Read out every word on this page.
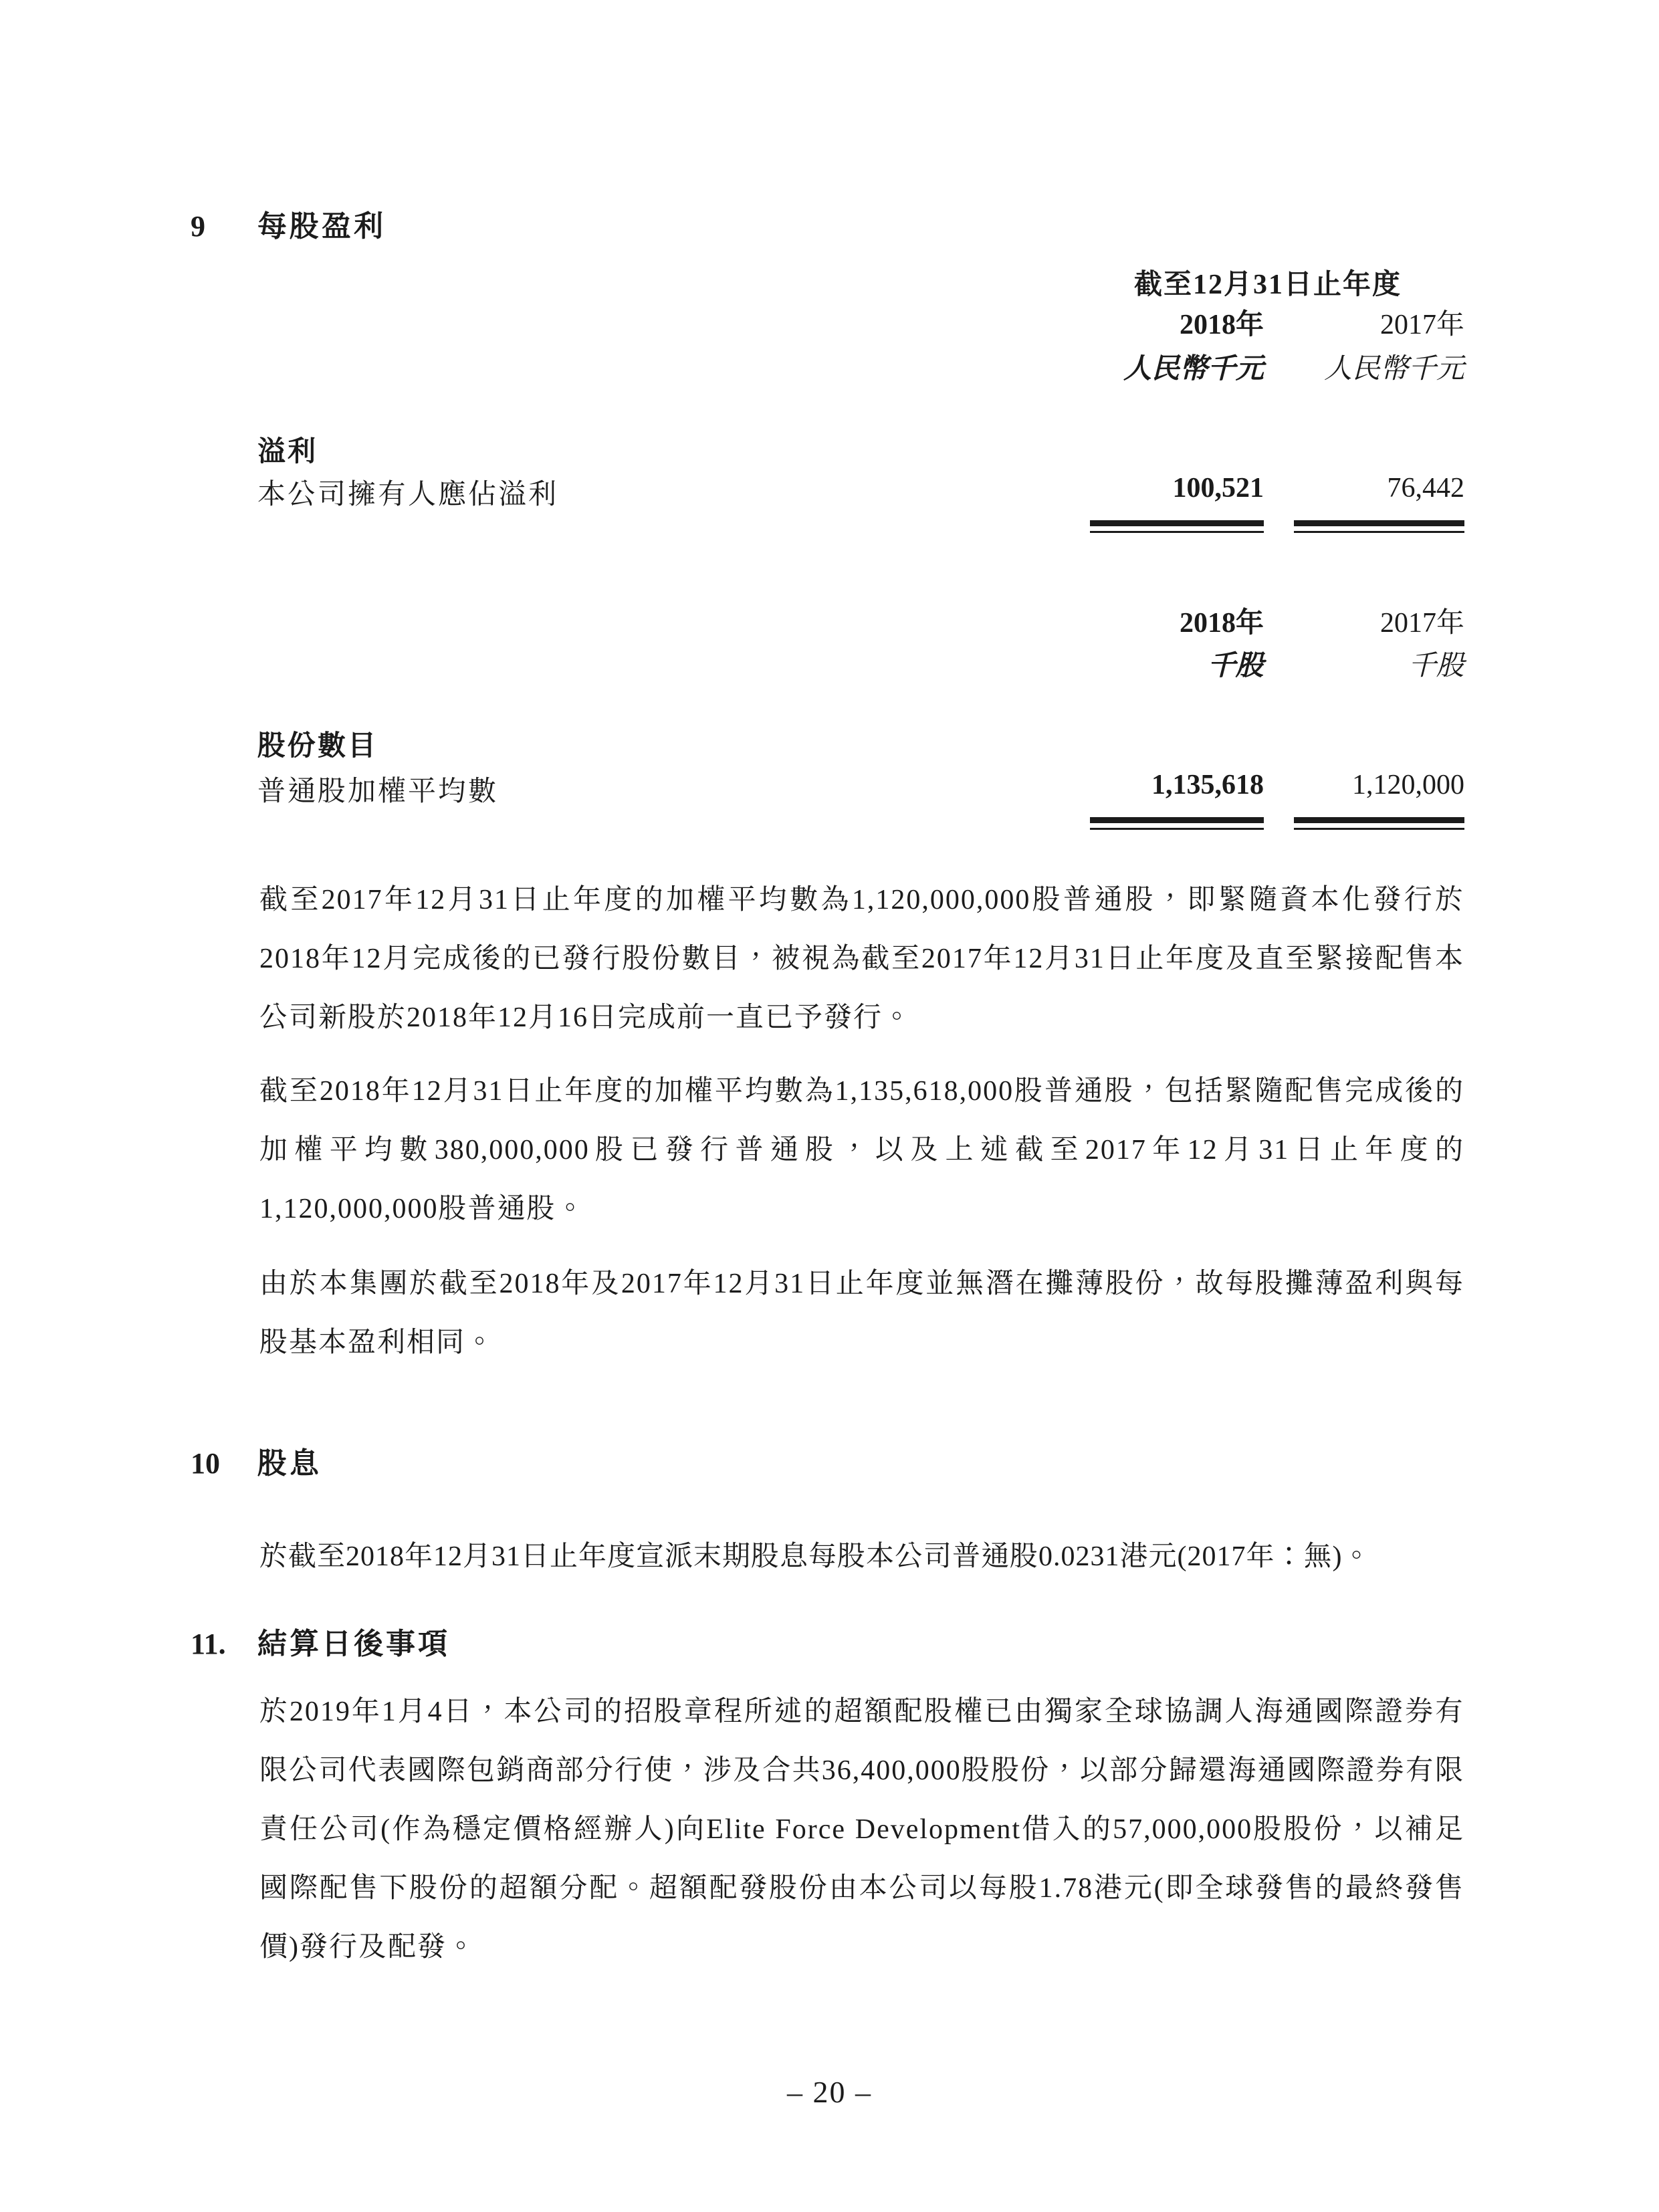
9 每股盈利
截至12月31日止年度
2018年	2017年
人民幣千元 人民幣千元
溢利
本公司擁有人應佔溢利	100,521	76,442
2018年	2017年
千股	千股
股份數目
普通股加權平均數	1,135,618	1,120,000
截至2017年12月31日止年度的加權平均數為1,120,000,000股普通股，即緊隨資本化發行於2018年12月完成後的已發行股份數目，被視為截至2017年12月31日止年度及直至緊接配售本公司新股於2018年12月16日完成前一直已予發行。
截至2018年12月31日止年度的加權平均數為1,135,618,000股普通股，包括緊隨配售完成後的加權平均數380,000,000股已發行普通股，以及上述截至2017年12月31日止年度的1,120,000,000股普通股。
由於本集團於截至2018年及2017年12月31日止年度並無潛在攤薄股份，故每股攤薄盈利與每股基本盈利相同。
10 股息
於截至2018年12月31日止年度宣派末期股息每股本公司普通股0.0231港元(2017年：無)。
11. 結算日後事項
於2019年1月4日，本公司的招股章程所述的超額配股權已由獨家全球協調人海通國際證券有限公司代表國際包銷商部分行使，涉及合共36,400,000股股份，以部分歸還海通國際證券有限責任公司(作為穩定價格經辦人)向Elite Force Development借入的57,000,000股股份，以補足國際配售下股份的超額分配。超額配發股份由本公司以每股1.78港元(即全球發售的最終發售價)發行及配發。
– 20 –
